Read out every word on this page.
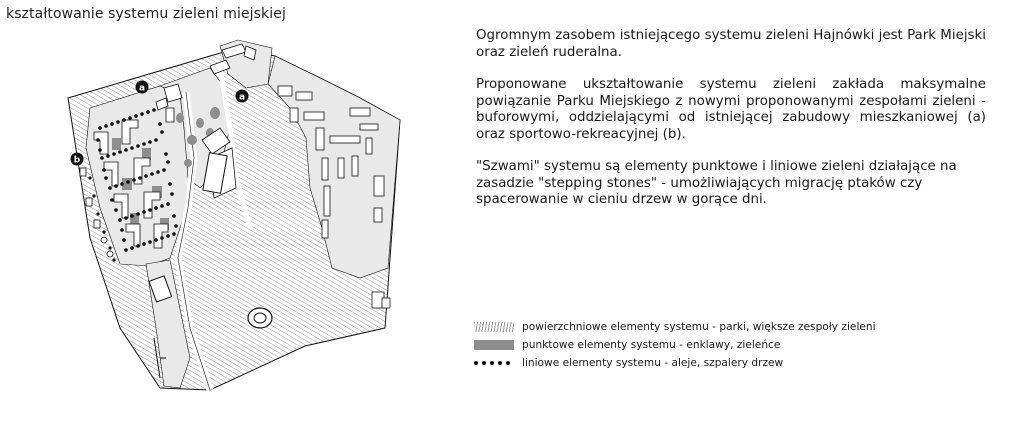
kształtowanie systemu zieleni miejskiej
a
a
b

Ogromnym zasobem istniejącego systemu zieleni Hajnówki jest Park Miejski oraz zieleń ruderalna.

Proponowane ukształtowanie systemu zieleni zakłada maksymalne powiązanie Parku Miejskiego z nowymi proponowanymi zespołami zieleni - buforowymi, oddzielającymi od istniejącej zabudowy mieszkaniowej (a) oraz sportowo-rekreacyjnej (b).

"Szwami" systemu są elementy punktowe i liniowe zieleni działające na zasadzie "stepping stones" - umożliwiających migrację ptaków czy spacerowanie w cieniu drzew w gorące dni.

powierzchniowe elementy systemu - parki, większe zespoły zieleni
punktowe elementy systemu - enklawy, zieleńce
liniowe elementy systemu - aleje, szpalery drzew
